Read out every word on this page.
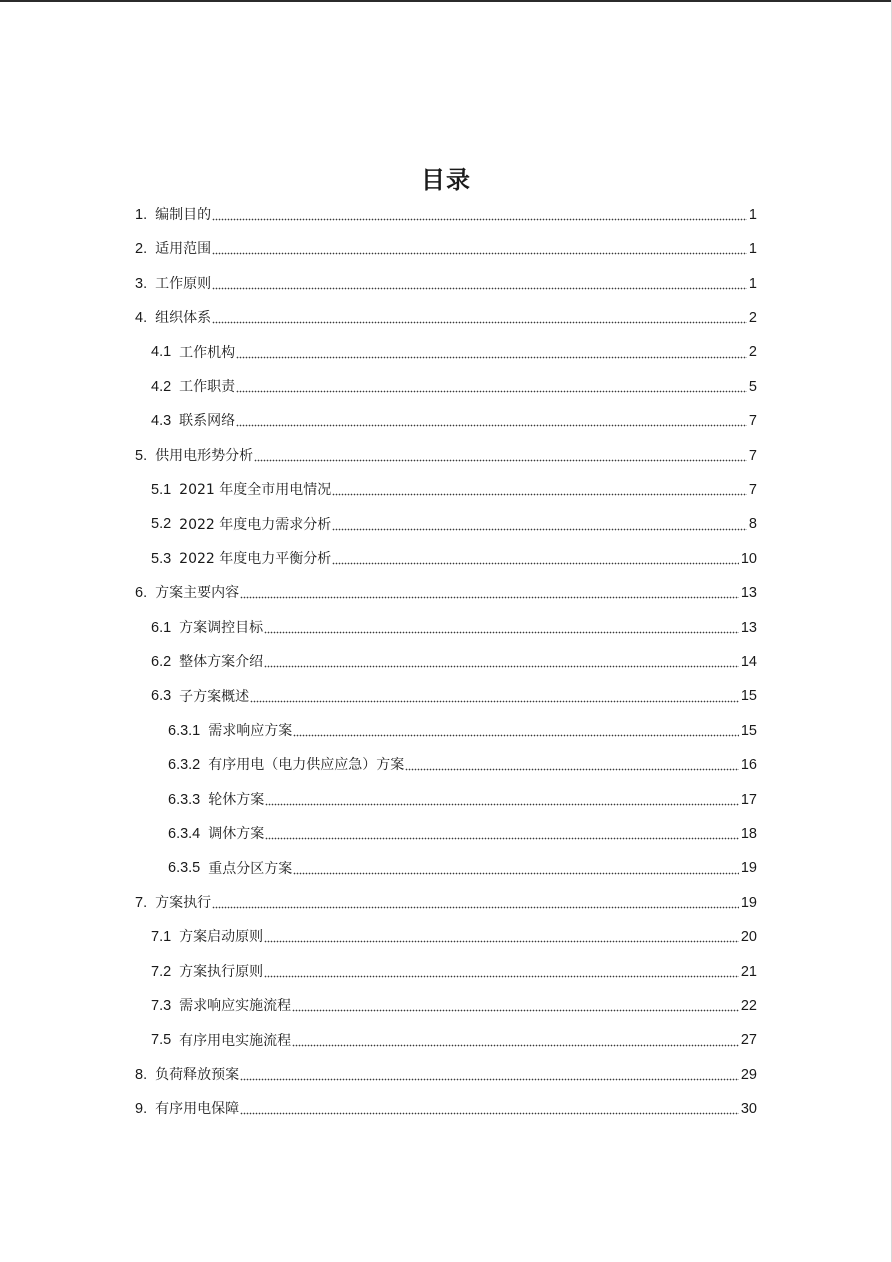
目录
1. 编制目的	1
2. 适用范围	1
3. 工作原则	1
4. 组织体系	2
4.1 工作机构	2
4.2 工作职责	5
4.3 联系网络	7
5. 供用电形势分析	7
5.1 2021 年度全市用电情况	7
5.2 2022 年度电力需求分析	8
5.3 2022 年度电力平衡分析	10
6. 方案主要内容	13
6.1 方案调控目标	13
6.2 整体方案介绍	14
6.3 子方案概述	15
6.3.1 需求响应方案	15
6.3.2 有序用电（电力供应应急）方案	16
6.3.3 轮休方案	17
6.3.4 调休方案	18
6.3.5 重点分区方案	19
7. 方案执行	19
7.1 方案启动原则	20
7.2 方案执行原则	21
7.3 需求响应实施流程	22
7.5 有序用电实施流程	27
8. 负荷释放预案	29
9. 有序用电保障	30
